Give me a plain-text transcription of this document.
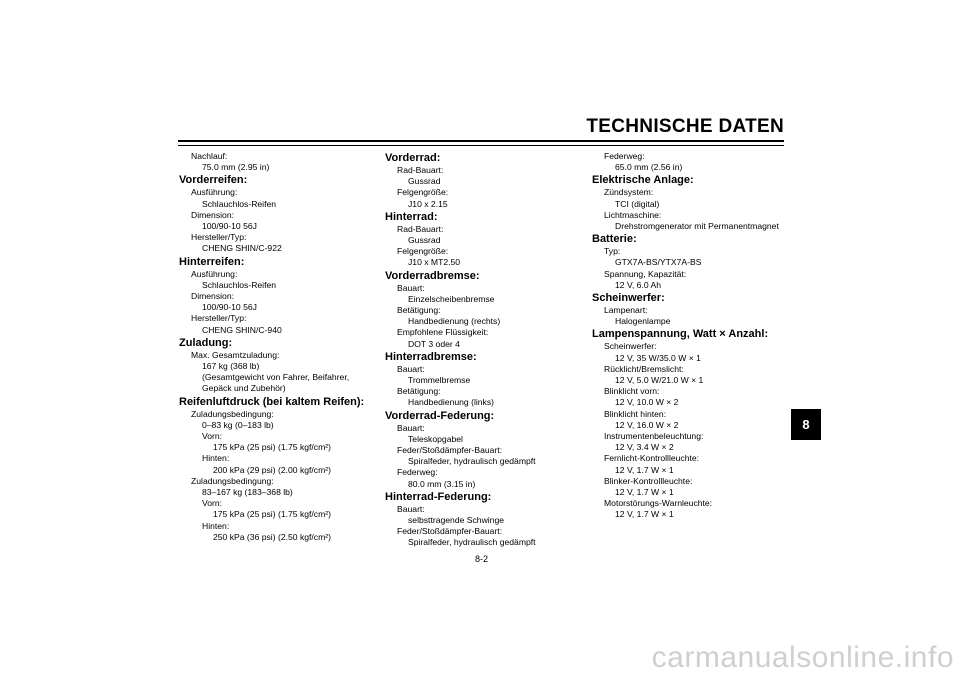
TECHNISCHE DATEN
Nachlauf:
75.0 mm (2.95 in)
Vorderreifen:
Ausführung:
Schlauchlos-Reifen
Dimension:
100/90-10 56J
Hersteller/Typ:
CHENG SHIN/C-922
Hinterreifen:
Ausführung:
Schlauchlos-Reifen
Dimension:
100/90-10 56J
Hersteller/Typ:
CHENG SHIN/C-940
Zuladung:
Max. Gesamtzuladung:
167 kg (368 lb)
(Gesamtgewicht von Fahrer, Beifahrer,
Gepäck und Zubehör)
Reifenluftdruck (bei kaltem Reifen):
Zuladungsbedingung:
0–83 kg (0–183 lb)
Vorn:
175 kPa (25 psi) (1.75 kgf/cm²)
Hinten:
200 kPa (29 psi) (2.00 kgf/cm²)
Zuladungsbedingung:
83–167 kg (183–368 lb)
Vorn:
175 kPa (25 psi) (1.75 kgf/cm²)
Hinten:
250 kPa (36 psi) (2.50 kgf/cm²)
Vorderrad:
Rad-Bauart:
Gussrad
Felgengröße:
J10 x 2.15
Hinterrad:
Rad-Bauart:
Gussrad
Felgengröße:
J10 x MT2.50
Vorderradbremse:
Bauart:
Einzelscheibenbremse
Betätigung:
Handbedienung (rechts)
Empfohlene Flüssigkeit:
DOT 3 oder 4
Hinterradbremse:
Bauart:
Trommelbremse
Betätigung:
Handbedienung (links)
Vorderrad-Federung:
Bauart:
Teleskopgabel
Feder/Stoßdämpfer-Bauart:
Spiralfeder, hydraulisch gedämpft
Federweg:
80.0 mm (3.15 in)
Hinterrad-Federung:
Bauart:
selbsttragende Schwinge
Feder/Stoßdämpfer-Bauart:
Spiralfeder, hydraulisch gedämpft
Federweg:
65.0 mm (2.56 in)
Elektrische Anlage:
Zündsystem:
TCI (digital)
Lichtmaschine:
Drehstromgenerator mit Permanentmagnet
Batterie:
Typ:
GTX7A-BS/YTX7A-BS
Spannung, Kapazität:
12 V, 6.0 Ah
Scheinwerfer:
Lampenart:
Halogenlampe
Lampenspannung, Watt × Anzahl:
Scheinwerfer:
12 V, 35 W/35.0 W × 1
Rücklicht/Bremslicht:
12 V, 5.0 W/21.0 W × 1
Blinklicht vorn:
12 V, 10.0 W × 2
Blinklicht hinten:
12 V, 16.0 W × 2
Instrumentenbeleuchtung:
12 V, 3.4 W × 2
Fernlicht-Kontrollleuchte:
12 V, 1.7 W × 1
Blinker-Kontrollleuchte:
12 V, 1.7 W × 1
Motorstörungs-Warnleuchte:
12 V, 1.7 W × 1
8-2
8
carmanualsonline.info
